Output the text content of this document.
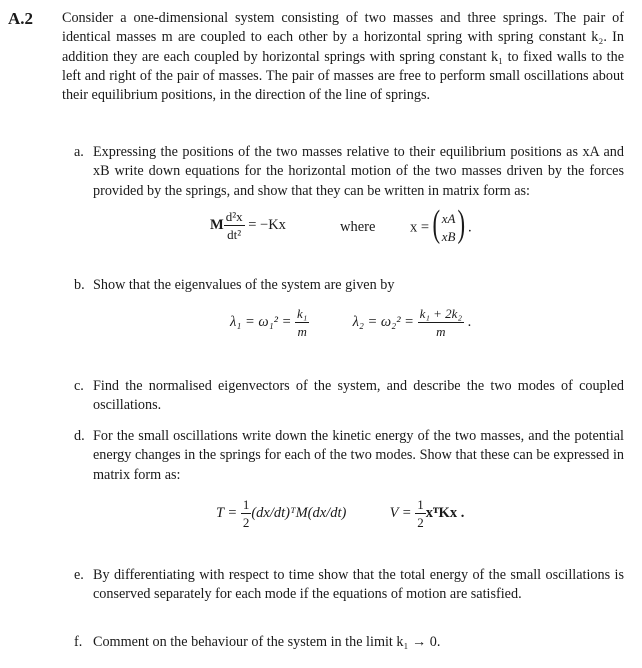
A.2 Consider a one-dimensional system consisting of two masses and three springs. The pair of identical masses m are coupled to each other by a horizontal spring with spring constant k₂. In addition they are each coupled by horizontal springs with spring constant k₁ to fixed walls to the left and right of the pair of masses. The pair of masses are free to perform small oscillations about their equilibrium positions, in the direction of the line of springs.
a. Expressing the positions of the two masses relative to their equilibrium positions as xA and xB write down equations for the horizontal motion of the two masses driven by the forces provided by the springs, and show that they can be written in matrix form as:
M $\frac{\text{d²x}}{\text{dt²}} = -Kx$	where x = ( xA
xB ) .
b. Show that the eigenvalues of the system are given by
$\lambda_1 = \omega_1^2 = \frac{\text{k₁}}{m}$	$\lambda_2 = \omega_2^2 = \frac{\text{k₁ + 2k₂}}{m}$ .
c. Find the normalised eigenvectors of the system, and describe the two modes of coupled oscillations.
d. For the small oscillations write down the kinetic energy of the two masses, and the potential energy changes in the springs for each of the two modes. Show that these can be expressed in matrix form as:
$T = \frac{1}{2}$ (dx/dt)ᵀM(dx/dt)	$V = \frac{1}{2}$ xᵀKx .
e. By differentiating with respect to time show that the total energy of the small oscillations is conserved separately for each mode if the equations of motion are satisfied.
f. Comment on the behaviour of the system in the limit k₁ → 0.
